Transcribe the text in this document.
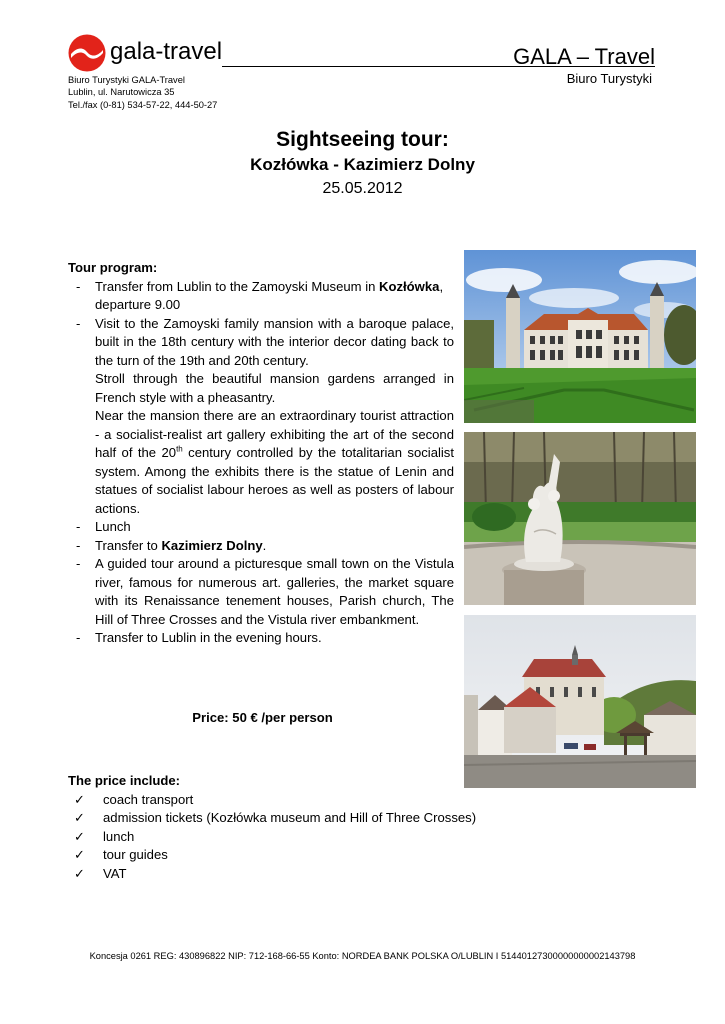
gala-travel	GALA – Travel
Biuro Turystyki
Biuro Turystyki GALA-Travel
Lublin, ul. Narutowicza 35
Tel./fax (0-81) 534-57-22, 444-50-27
Sightseeing tour:
Kozłówka - Kazimierz Dolny
25.05.2012
Tour program:
- Transfer from Lublin to the Zamoyski Museum in Kozłówka,
departure 9.00
- Visit to the Zamoyski family mansion with a baroque palace, built in the 18th century with the interior decor dating back to the turn of the 19th and 20th century.
Stroll through the beautiful mansion gardens arranged in French style with a pheasantry.
Near the mansion there are an extraordinary tourist attraction - a socialist-realist art gallery exhibiting the art of the second half of the 20th century controlled by the totalitarian socialist system. Among the exhibits there is the statue of Lenin and statues of socialist labour heroes as well as posters of labour actions.
- Lunch
- Transfer to Kazimierz Dolny.
- A guided tour around a picturesque small town on the Vistula river, famous for numerous art. galleries, the market square with its Renaissance tenement houses, Parish church, The Hill of Three Crosses and the Vistula river embankment.
- Transfer to Lublin in the evening hours.
Price: 50 € /per person
The price include:
✓ coach transport
✓ admission tickets (Kozłówka museum and Hill of Three Crosses)
✓ lunch
✓ tour guides
✓ VAT
Koncesja 0261 REG: 430896822 NIP: 712-168-66-55 Konto: NORDEA BANK POLSKA O/LUBLIN I 51440127300000000002143798
